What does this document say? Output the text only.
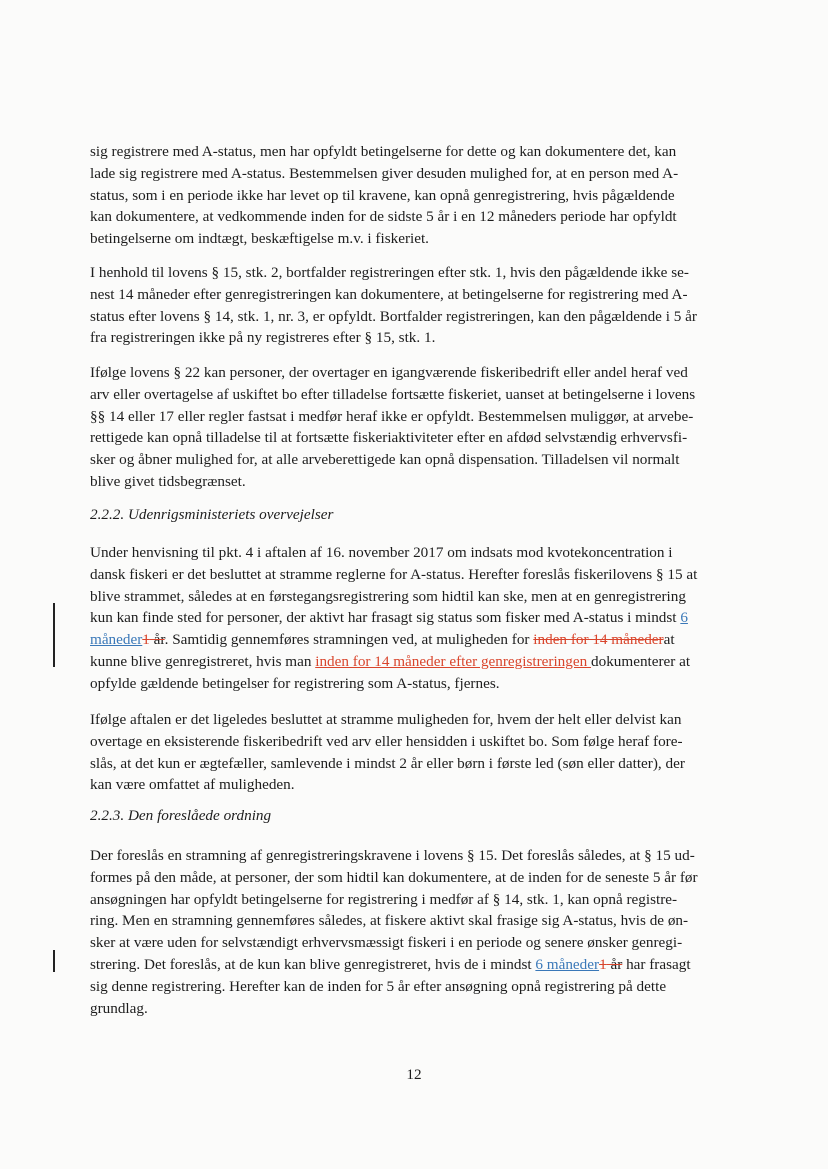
sig registrere med A-status, men har opfyldt betingelserne for dette og kan dokumentere det, kan

lade sig registrere med A-status. Bestemmelsen giver desuden mulighed for, at en person med A-

status, som i en periode ikke har levet op til kravene, kan opnå genregistrering, hvis pågældende

kan dokumentere, at vedkommende inden for de sidste 5 år i en 12 måneders periode har opfyldt

betingelserne om indtægt, beskæftigelse m.v. i fiskeriet.

I henhold til lovens § 15, stk. 2, bortfalder registreringen efter stk. 1, hvis den pågældende ikke se-

nest 14 måneder efter genregistreringen kan dokumentere, at betingelserne for registrering med A-

status efter lovens § 14, stk. 1, nr. 3, er opfyldt. Bortfalder registreringen, kan den pågældende i 5 år

fra registreringen ikke på ny registreres efter § 15, stk. 1.

Ifølge lovens § 22 kan personer, der overtager en igangværende fiskeribedrift eller andel heraf ved

arv eller overtagelse af uskiftet bo efter tilladelse fortsætte fiskeriet, uanset at betingelserne i lovens

§§ 14 eller 17 eller regler fastsat i medfør heraf ikke er opfyldt. Bestemmelsen muliggør, at arvebe-

rettigede kan opnå tilladelse til at fortsætte fiskeriaktiviteter efter en afdød selvstændig erhvervsfi-

sker og åbner mulighed for, at alle arveberettigede kan opnå dispensation. Tilladelsen vil normalt

blive givet tidsbegrænset.

2.2.2. Udenrigsministeriets overvejelser

Under henvisning til pkt. 4 i aftalen af 16. november 2017 om indsats mod kvotekoncentration i

dansk fiskeri er det besluttet at stramme reglerne for A-status. Herefter foreslås fiskerilovens § 15 at

blive strammet, således at en førstegangsregistrering som hidtil kan ske, men at en genregistrering

kun kan finde sted for personer, der aktivt har frasagt sig status som fisker med A-status i mindst 6

måneder1 år. Samtidig gennemføres stramningen ved, at muligheden for inden for 14 månederat

kunne blive genregistreret, hvis man inden for 14 måneder efter genregistreringen dokumenterer at

opfylde gældende betingelser for registrering som A-status, fjernes.

Ifølge aftalen er det ligeledes besluttet at stramme muligheden for, hvem der helt eller delvist kan

overtage en eksisterende fiskeribedrift ved arv eller hensidden i uskiftet bo. Som følge heraf fore-

slås, at det kun er ægtefæller, samlevende i mindst 2 år eller børn i første led (søn eller datter), der

kan være omfattet af muligheden.

2.2.3. Den foreslåede ordning

Der foreslås en stramning af genregistreringskravene i lovens § 15. Det foreslås således, at § 15 ud-

formes på den måde, at personer, der som hidtil kan dokumentere, at de inden for de seneste 5 år før

ansøgningen har opfyldt betingelserne for registrering i medfør af § 14, stk. 1, kan opnå registre-

ring. Men en stramning gennemføres således, at fiskere aktivt skal frasige sig A-status, hvis de øn-

sker at være uden for selvstændigt erhvervsmæssigt fiskeri i en periode og senere ønsker genregi-

strering. Det foreslås, at de kun kan blive genregistreret, hvis de i mindst 6 måneder1 år har frasagt

sig denne registrering. Herefter kan de inden for 5 år efter ansøgning opnå registrering på dette

grundlag.

12
